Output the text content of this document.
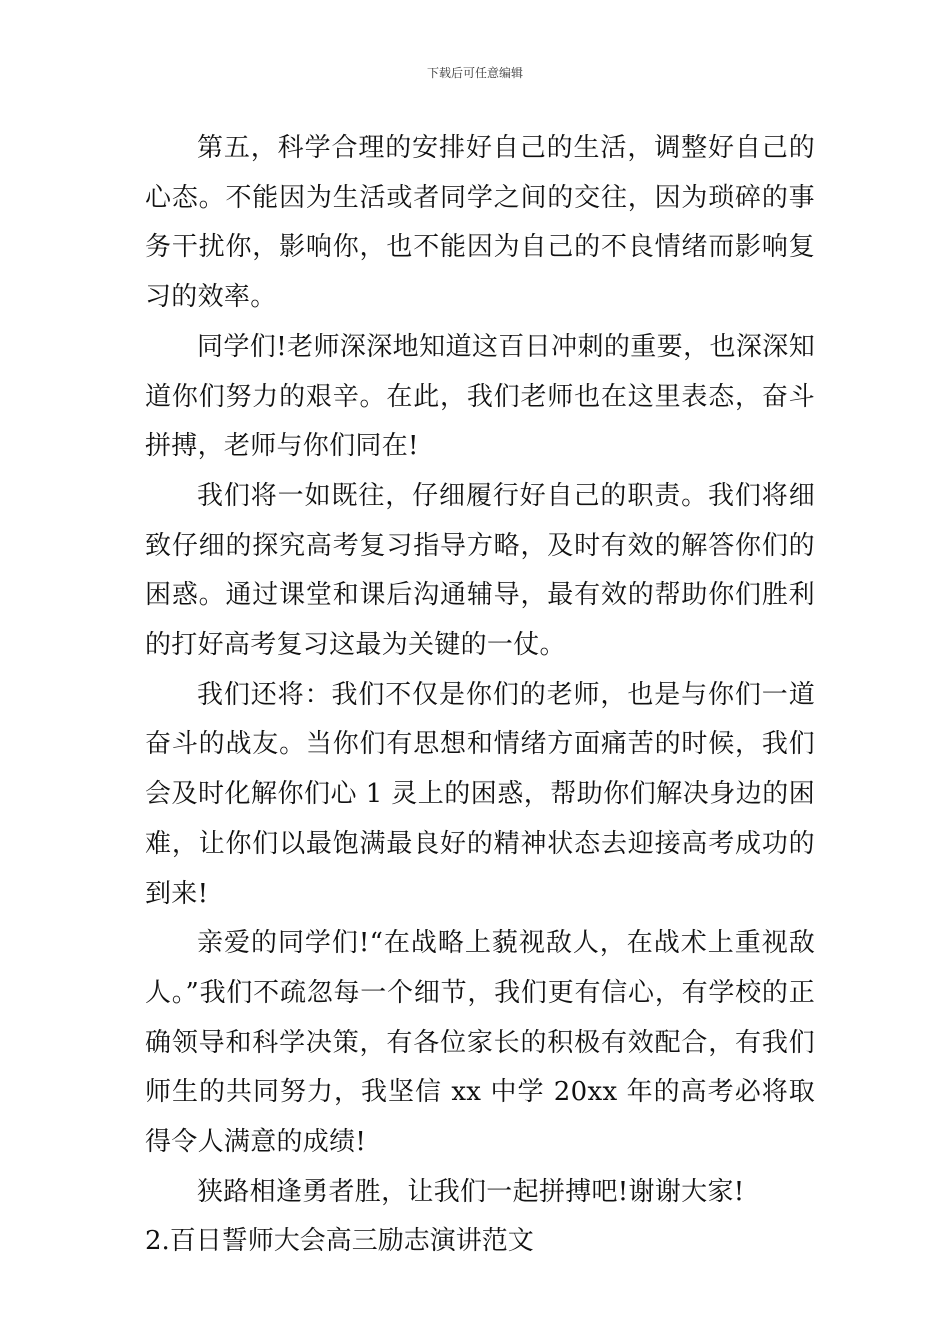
下载后可任意编辑

第五，科学合理的安排好自己的生活，调整好自己的心态。不能因为生活或者同学之间的交往，因为琐碎的事务干扰你，影响你，也不能因为自己的不良情绪而影响复习的效率。

同学们!老师深深地知道这百日冲刺的重要，也深深知道你们努力的艰辛。在此，我们老师也在这里表态，奋斗拼搏，老师与你们同在!

我们将一如既往，仔细履行好自己的职责。我们将细致仔细的探究高考复习指导方略，及时有效的解答你们的困惑。通过课堂和课后沟通辅导，最有效的帮助你们胜利的打好高考复习这最为关键的一仗。

我们还将：我们不仅是你们的老师，也是与你们一道奋斗的战友。当你们有思想和情绪方面痛苦的时候，我们会及时化解你们心 1 灵上的困惑，帮助你们解决身边的困难，让你们以最饱满最良好的精神状态去迎接高考成功的到来!

亲爱的同学们!“在战略上藐视敌人，在战术上重视敌人。”我们不疏忽每一个细节，我们更有信心，有学校的正确领导和科学决策，有各位家长的积极有效配合，有我们师生的共同努力，我坚信 xx 中学 20xx 年的高考必将取得令人满意的成绩!

狭路相逢勇者胜，让我们一起拼搏吧!谢谢大家!

2.百日誓师大会高三励志演讲范文
